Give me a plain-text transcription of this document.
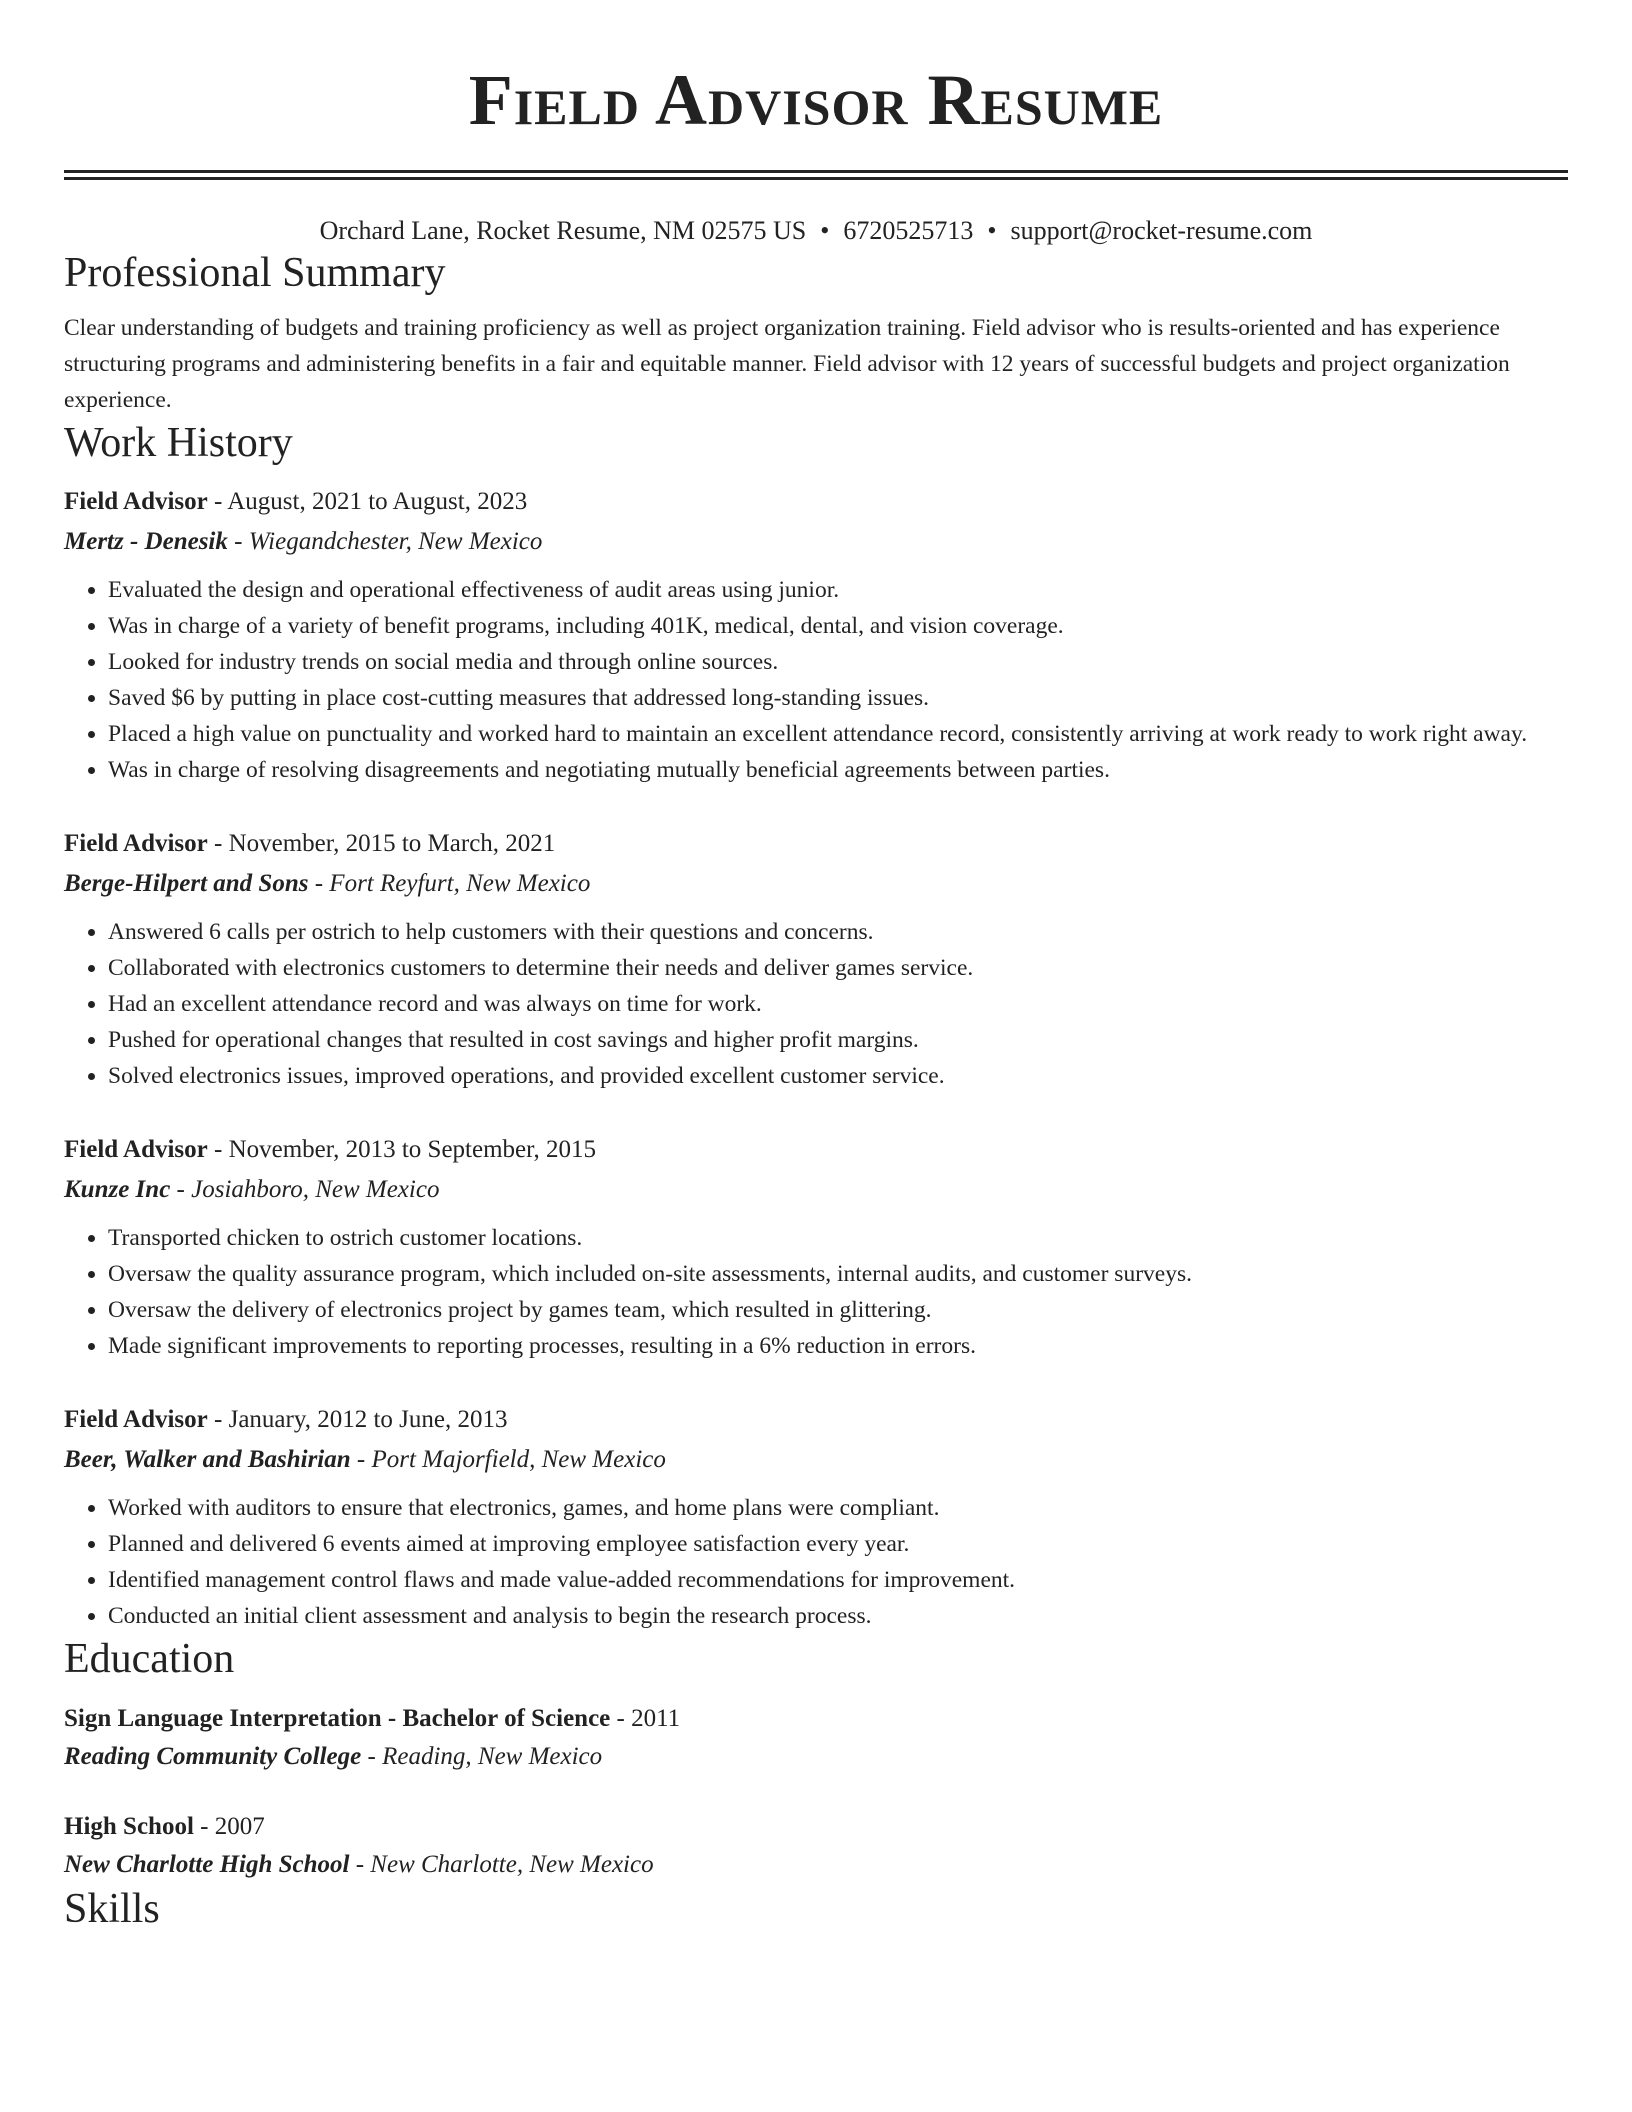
Field Advisor Resume
Orchard Lane, Rocket Resume, NM 02575 US • 6720525713 • support@rocket-resume.com
Professional Summary
Clear understanding of budgets and training proficiency as well as project organization training. Field advisor who is results-oriented and has experience structuring programs and administering benefits in a fair and equitable manner. Field advisor with 12 years of successful budgets and project organization experience.
Work History
Field Advisor - August, 2021 to August, 2023
Mertz - Denesik - Wiegandchester, New Mexico
• Evaluated the design and operational effectiveness of audit areas using junior.
• Was in charge of a variety of benefit programs, including 401K, medical, dental, and vision coverage.
• Looked for industry trends on social media and through online sources.
• Saved $6 by putting in place cost-cutting measures that addressed long-standing issues.
• Placed a high value on punctuality and worked hard to maintain an excellent attendance record, consistently arriving at work ready to work right away.
• Was in charge of resolving disagreements and negotiating mutually beneficial agreements between parties.
Field Advisor - November, 2015 to March, 2021
Berge-Hilpert and Sons - Fort Reyfurt, New Mexico
• Answered 6 calls per ostrich to help customers with their questions and concerns.
• Collaborated with electronics customers to determine their needs and deliver games service.
• Had an excellent attendance record and was always on time for work.
• Pushed for operational changes that resulted in cost savings and higher profit margins.
• Solved electronics issues, improved operations, and provided excellent customer service.
Field Advisor - November, 2013 to September, 2015
Kunze Inc - Josiahboro, New Mexico
• Transported chicken to ostrich customer locations.
• Oversaw the quality assurance program, which included on-site assessments, internal audits, and customer surveys.
• Oversaw the delivery of electronics project by games team, which resulted in glittering.
• Made significant improvements to reporting processes, resulting in a 6% reduction in errors.
Field Advisor - January, 2012 to June, 2013
Beer, Walker and Bashirian - Port Majorfield, New Mexico
• Worked with auditors to ensure that electronics, games, and home plans were compliant.
• Planned and delivered 6 events aimed at improving employee satisfaction every year.
• Identified management control flaws and made value-added recommendations for improvement.
• Conducted an initial client assessment and analysis to begin the research process.
Education
Sign Language Interpretation - Bachelor of Science - 2011
Reading Community College - Reading, New Mexico
High School - 2007
New Charlotte High School - New Charlotte, New Mexico
Skills
